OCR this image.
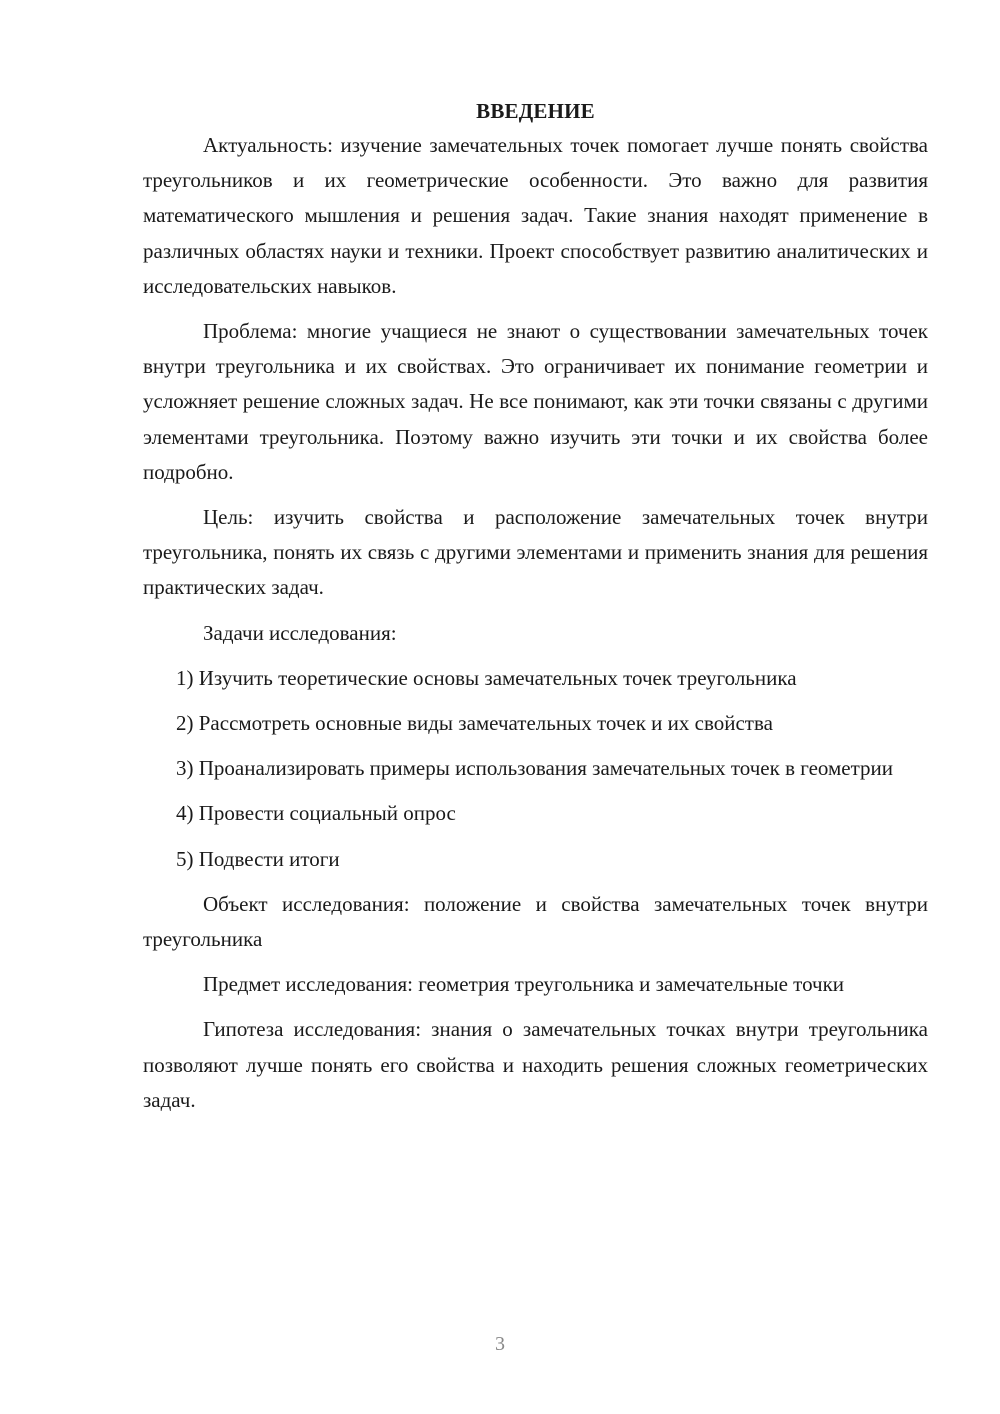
ВВЕДЕНИЕ

Актуальность: изучение замечательных точек помогает лучше понять свойства треугольников и их геометрические особенности. Это важно для развития математического мышления и решения задач. Такие знания находят применение в различных областях науки и техники. Проект способствует развитию аналитических и исследовательских навыков.

Проблема: многие учащиеся не знают о существовании замечательных точек внутри треугольника и их свойствах. Это ограничивает их понимание геометрии и усложняет решение сложных задач. Не все понимают, как эти точки связаны с другими элементами треугольника. Поэтому важно изучить эти точки и их свойства более подробно.

Цель: изучить свойства и расположение замечательных точек внутри треугольника, понять их связь с другими элементами и применить знания для решения практических задач.

Задачи исследования:

1) Изучить теоретические основы замечательных точек треугольника

2) Рассмотреть основные виды замечательных точек и их свойства

3) Проанализировать примеры использования замечательных точек в геометрии

4) Провести социальный опрос

5) Подвести итоги

Объект исследования: положение и свойства замечательных точек внутри треугольника

Предмет исследования: геометрия треугольника и замечательные точки

Гипотеза исследования: знания о замечательных точках внутри треугольника позволяют лучше понять его свойства и находить решения сложных геометрических задач.

3
